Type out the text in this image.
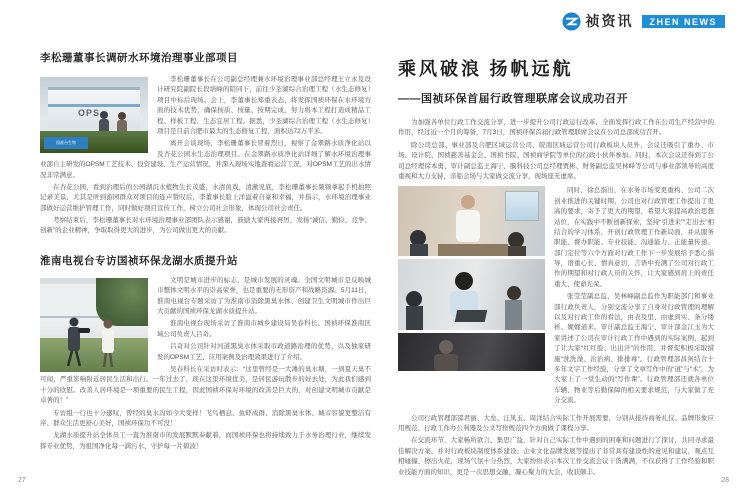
祯资讯	ZHEN NEWS
李松珊董事长调研水环境治理事业部项目
OPS
国祯台生物

李松珊董事长在公司副总经理兼水环境治理事业部总经理王立永及设计研究院副院长段培峰的陪同下，前往少荃湖综合治理工程（水生态修复）项目中标后现场。会上，李董事长郑重表态，将发挥国祯环保在水环境方面的技术优势，确保按质、按量、按期完成，努力将本工程打造成精品工程、样板工程、生态宜居工程。据悉，少荃湖综合治理工程（水生态修复）项目是目前合肥市最大的生态修复工程，面积达72万平米。

离开会谈现场，李松珊董事长冒着烈日，视察了金翠路水质净化站以及杏花公园水生态治理项目。在金翠路水质净化站详细了解水环境治理事业部自主研发的OPSM工艺技术、投资建设、生产运营情况，并深入现场实地查看运营工况，对OPSM工艺的出水情况非常满意。

在杏花公园，看到治理后的公园湖沉水植物生长茂盛，水清鱼戏，清澈见底，李松珊董事长频频拿起手机拍照记录美景，尤其是听到游园群众对项目的连声赞叹后，李董事长脸上洋溢着自豪和幸福，并指示，水环境治理事业部做好运营维护管理工作，同时做好项目宣传工作，树立公司社会形象，体现公司社会责任。

考察结束后，李松珊董事长对水环境治理事业部团队表示感谢，鼓励大家再接再厉，发扬“诚信、勤俭、竞争、创新”的企业精神，争取取得更大的进步，为公司做出更大的贡献。

淮南电视台专访国祯环保龙湖水质提升站

文明是城市进步的标志，是城市发展的灵魂。全国文明城市是反映城市整体文明水平的崇高荣誉，也是重要的无形资产和战略资源。5月11日，淮南电视台专题采访了为淮南市消除黑臭水体、创建卫生文明城市作出巨大贡献的国祯环保龙湖水质提升站。

淮南电视台现场采访了淮南市城乡建设局吴春科长、国祯环保淮南区域公司负责人吕奇。

吕奇对公司针对河道黑臭水体采取市政道路治理的优势，以及独家研发的OPSM工艺、应用案例及治理效果进行了介绍。

吴春科长在采访时表示：“这里曾经是一大滩的臭水塘，一到夏天臭不可闻，严重影响附近居民生活和出行。一年过去了，现在这里环境优美，是居民游玩散步的好去处，为此我们感到十分的欣慰。改善人居环境是一项重要的民生工程，因此国祯环保对环境的改善是巨大的，对创建文明城市贡献是卓著的！”

专访组一行也十分感叹，曾经的臭水沟如今大变样！飞鸟栖息、鱼虾成群、消除黑臭水体、城市容貌更整洁有序、群众生活更舒心美好，国祯环保功不可没！

龙湖水质提升站全体员工一直为淮南市的发展默默奉献着，而国祯环保也将持续致力于水务治理行业，继续发挥专业优势，为祖国净化每一滴污水、守护每一片碧波！

乘风破浪 扬帆远航
——国祯环保首届行政管理联席会议成功召开

为加强各单位行政工作交流分享，进一步提升公司行政运行改革，全面发挥行政工作在公司生产经营中的作用，经过近一个月的筹备，7月3日，国祯环保首届行政管理联席会议在公司总部成功召开。

除公司总部、事业部及合肥区域运营公司、皖南区域运营公司行政板块人员外，会议还吸引了重办、市场、设计院、国祯慈善基金会、国祯书院、国祯商学院等单位的行政小伙伴参加。同时，本次会议还得到了公司总经理徐本勇、审计副总监王海宁、膜科技公司总经理贾彬、财务副总监吴林峰等公司与事业部领导的高度重视和大力支持，亲临会场与大家做交流分享，现场座无虚席。

同时，徐总指出，在水务市场变更重构、公司二次创业推进的关键时期，公司也对行政管理工作提出了更高的要求，寄予了更大的期望，希望大家提高政治思想站位，在实践中不断创新探索，坚持“引进来”“走出去”相结合的学习体系，开创行政管理工作新局面，并从服务职能、督办职能、专业技能、沟通能力、正能量传递、部门定位等六个方面对行政工作下一步发展给予悉心指导，语重心长、情真意切，言语中充满了公司对行政工作的期望和对行政人员的关怀，让大家感到肩上的责任重大、使命光荣。

张莹莹副总监、吴林峰副总监作为职能部门和事业部行政负责人，分别交流分享了自身对行政管理的理解以及对行政工作的看法，由表及里、由虚到实、条分缕析、娓娓道来。审计副总监王海宁、审计部金江玉为大家讲述了公司在审计行政工作中遇到的实际案例，起到了让大家“红红脸、出出汗”的作用，并督促积极采取措施“洗洗澡、治治病、排排毒”。行政管理部昌剑结合十多年文字工作经验，分享了文章写作中的“道”与“术”，为大家上了一堂生动的“写作课”。行政管理部还就各单位车辆、物业等后勤保障的相关要求规范，与大家做了充分交流。

公司行政管理部邵君丽、大垒、汪凤玉、周洋结合实际工作开展需要，分别从接待商务礼仪、品牌形象应用规范、行政工作办公利器及公文写作规范四个方面做了课程分享。

在交流环节，大家畅所欲言、集思广益，针对自己实际工作中遇到的困难和问题进行了探讨，共同寻求最佳解决方案，并对行政板块制度体系建设、企业文化品牌发展等提出了非常具有建设性的意见和建议，观点互相碰撞、擦出火花，现场气氛十分热烈，大家纷纷表示本次工作交流会议干货满满，不仅获得了工作经验和职业技能方面的知识，更是一次思想交融、凝心聚力的大会，收获颇丰。

27	28
